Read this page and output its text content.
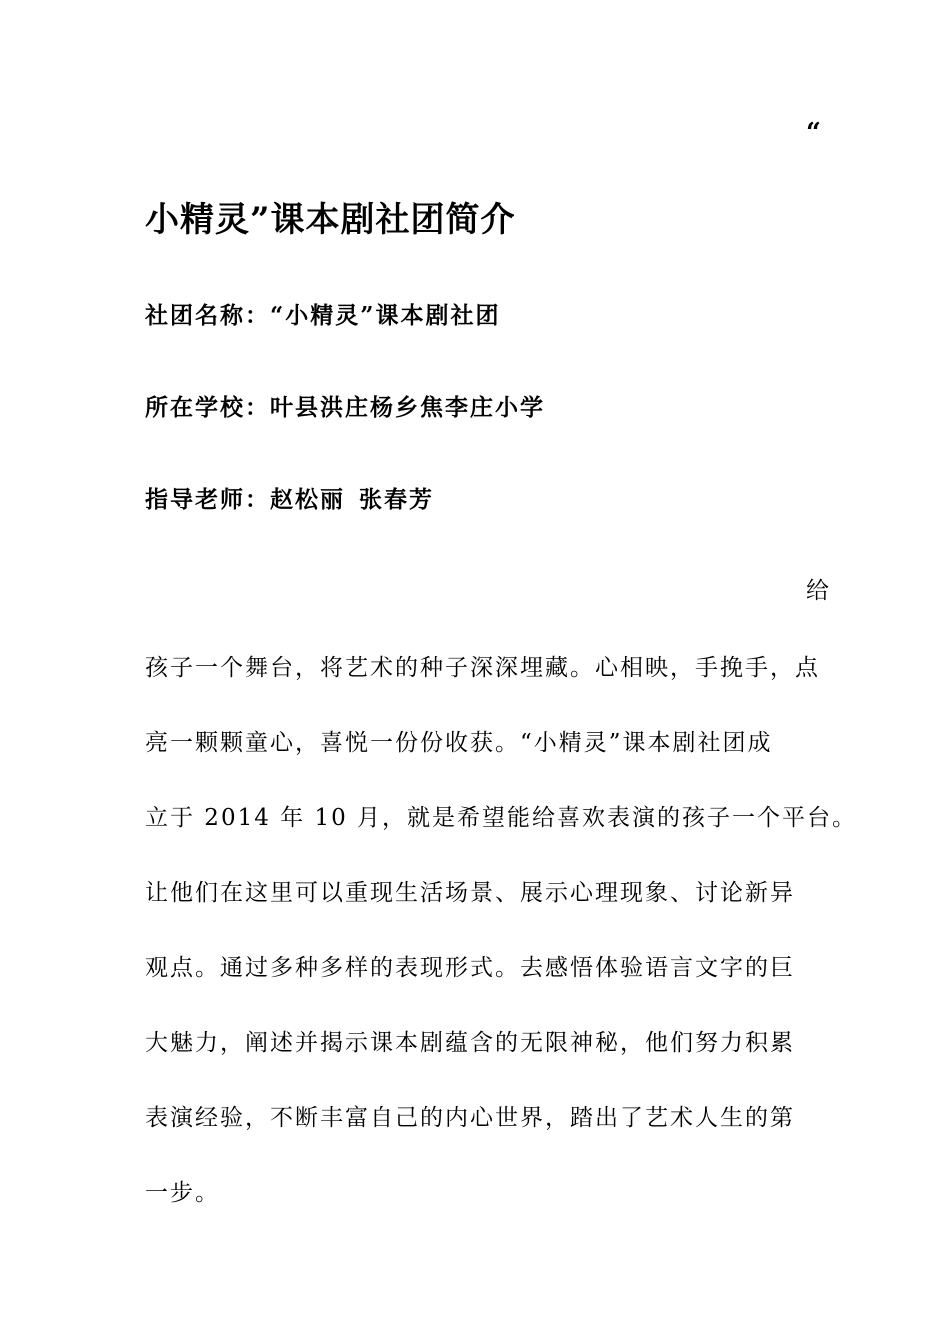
“
小精灵”课本剧社团简介
社团名称：“小精灵”课本剧社团
所在学校：叶县洪庄杨乡焦李庄小学
指导老师：赵松丽 张春芳
给
孩子一个舞台，将艺术的种子深深埋藏。心相映，手挽手，点
亮一颗颗童心，喜悦一份份收获。“小精灵”课本剧社团成
立于 2014 年 10 月，就是希望能给喜欢表演的孩子一个平台。
让他们在这里可以重现生活场景、展示心理现象、讨论新异
观点。通过多种多样的表现形式。去感悟体验语言文字的巨
大魅力，阐述并揭示课本剧蕴含的无限神秘，他们努力积累
表演经验，不断丰富自己的内心世界，踏出了艺术人生的第
一步。
